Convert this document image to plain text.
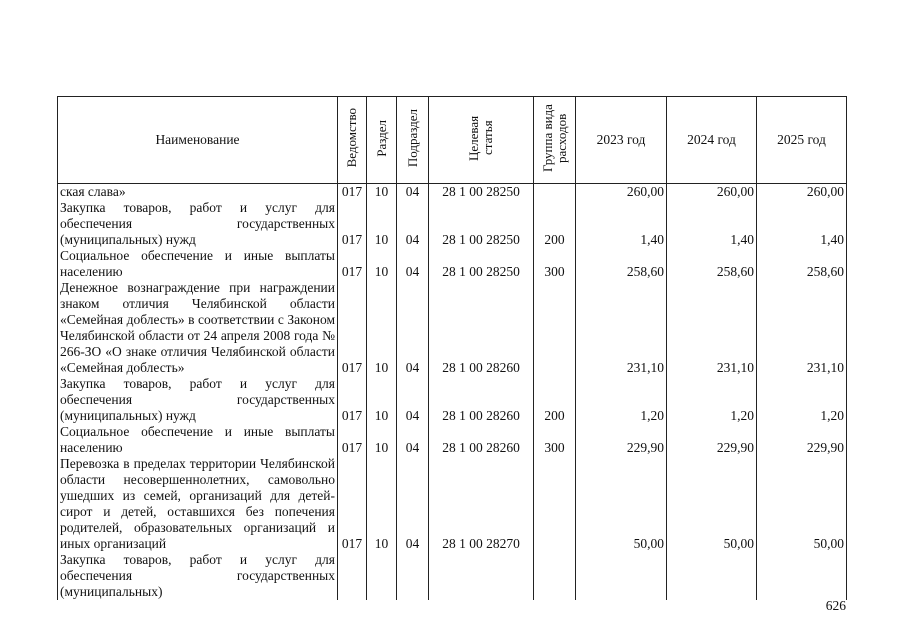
Наименование	Ведомство	Раздел	Подраздел	Целевая статья	Группа вида расходов	2023 год	2024 год	2025 год

ская слава»	017	10	04	28 1 00 28250		260,00	260,00	260,00

Закупка товаров, работ и услуг для обеспечения государственных (муниципальных) нужд	017	10	04	28 1 00 28250	200	1,40	1,40	1,40

Социальное обеспечение и иные выплаты населению	017	10	04	28 1 00 28250	300	258,60	258,60	258,60

Денежное вознаграждение при награждении знаком отличия Челябинской области «Семейная доблесть» в соответствии с Законом Челябинской области от 24 апреля 2008 года № 266-ЗО «О знаке отличия Челябинской области «Семейная доблесть»	017	10	04	28 1 00 28260		231,10	231,10	231,10

Закупка товаров, работ и услуг для обеспечения государственных (муниципальных) нужд	017	10	04	28 1 00 28260	200	1,20	1,20	1,20

Социальное обеспечение и иные выплаты населению	017	10	04	28 1 00 28260	300	229,90	229,90	229,90

Перевозка в пределах территории Челябинской области несовершеннолетних, самовольно ушедших из семей, организаций для детей-сирот и детей, оставшихся без попечения родителей, образовательных организаций и иных организаций	017	10	04	28 1 00 28270		50,00	50,00	50,00

Закупка товаров, работ и услуг для обеспечения государственных (муниципальных)								

626
